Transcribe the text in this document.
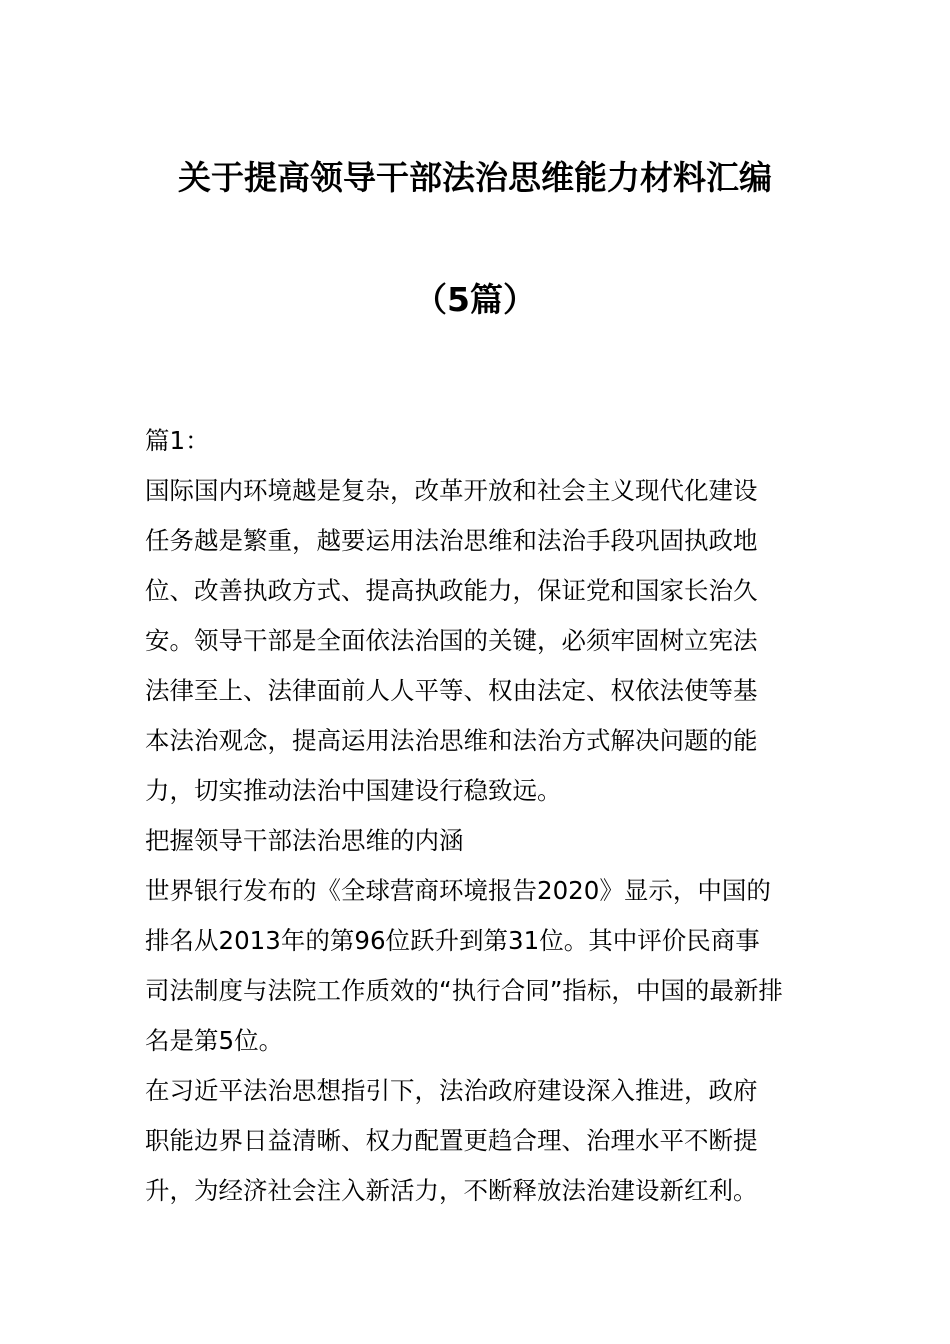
关于提高领导干部法治思维能力材料汇编
（5篇）
篇1：
国际国内环境越是复杂，改革开放和社会主义现代化建设
任务越是繁重，越要运用法治思维和法治手段巩固执政地
位、改善执政方式、提高执政能力，保证党和国家长治久
安。领导干部是全面依法治国的关键，必须牢固树立宪法
法律至上、法律面前人人平等、权由法定、权依法使等基
本法治观念，提高运用法治思维和法治方式解决问题的能
力，切实推动法治中国建设行稳致远。
把握领导干部法治思维的内涵
世界银行发布的《全球营商环境报告2020》显示，中国的
排名从2013年的第96位跃升到第31位。其中评价民商事
司法制度与法院工作质效的“执行合同”指标，中国的最新排
名是第5位。
在习近平法治思想指引下，法治政府建设深入推进，政府
职能边界日益清晰、权力配置更趋合理、治理水平不断提
升，为经济社会注入新活力，不断释放法治建设新红利。
